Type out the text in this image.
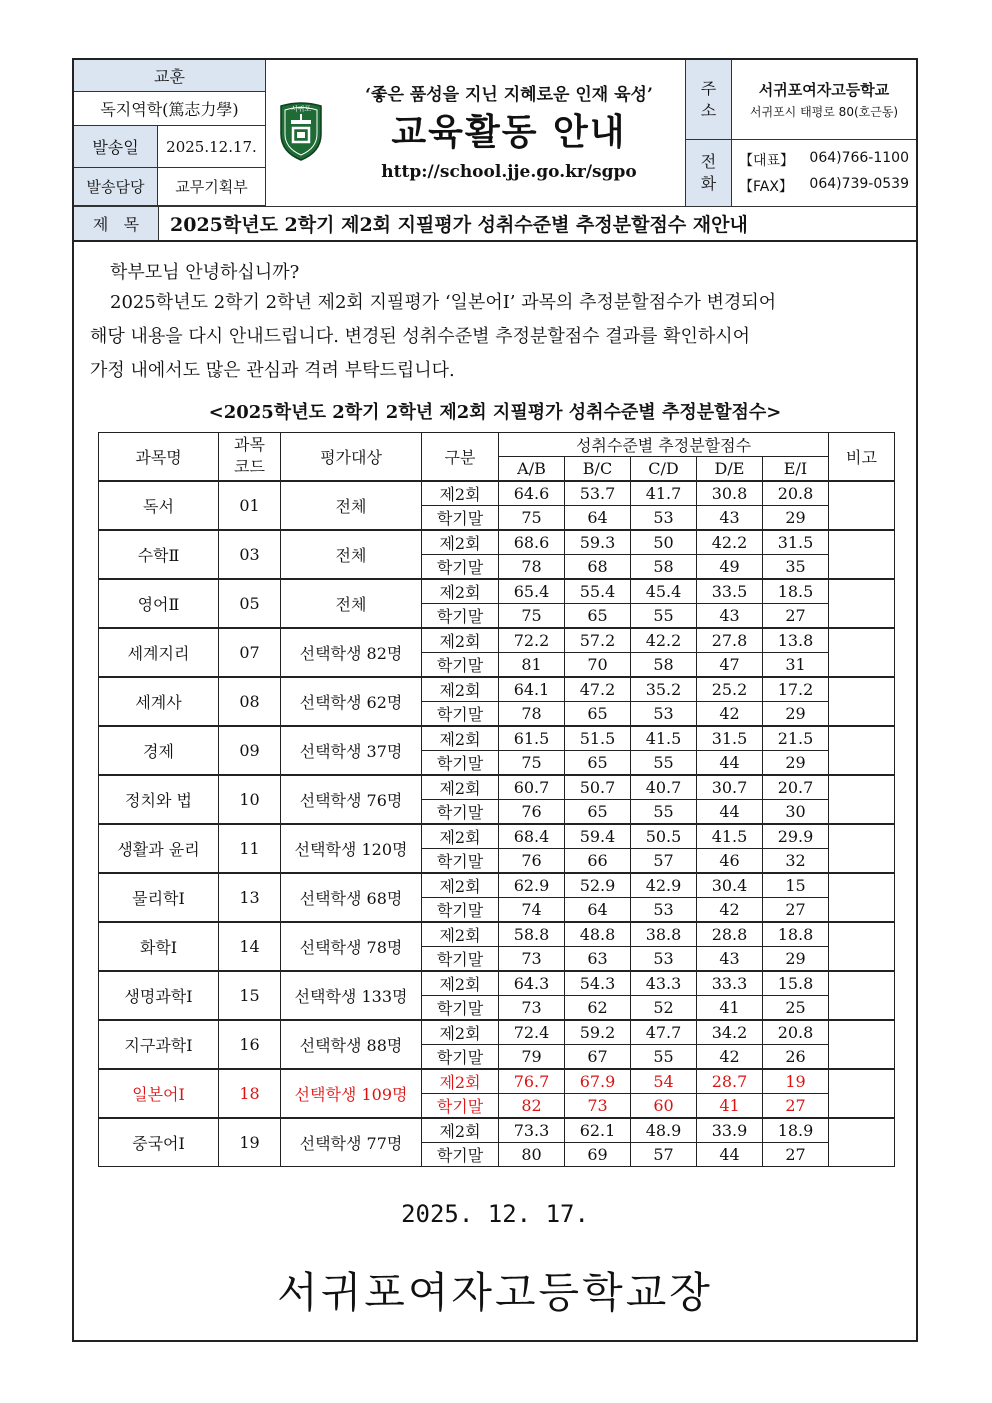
교훈
독지역학(篤志力學)
발송일	2025.12.17.
발송담당	교무기획부
서귀포
‘좋은 품성을 지닌 지혜로운 인재 육성’
교육활동 안내
http://school.jje.go.kr/sgpo
주
소
서귀포여자고등학교
서귀포시 태평로 80(호근동)
전
화
【대표】 064)766-1100
【FAX】 064)739-0539
제   목	2025학년도 2학기 제2회 지필평가 성취수준별 추정분할점수 재안내
학부모님 안녕하십니까?
2025학년도 2학기 2학년 제2회 지필평가 ‘일본어Ⅰ’ 과목의 추정분할점수가 변경되어
해당 내용을 다시 안내드립니다. 변경된 성취수준별 추정분할점수 결과를 확인하시어
가정 내에서도 많은 관심과 격려 부탁드립니다.
<2025학년도 2학기 2학년 제2회 지필평가 성취수준별 추정분할점수>
과목명	과목
코드	평가대상	구분	성취수준별 추정분할점수					비고
				A/B	B/C	C/D	D/E	E/I	
독서	01	전체	제2회	64.6	53.7	41.7	30.8	20.8	
			학기말	75	64	53	43	29	
수학Ⅱ	03	전체	제2회	68.6	59.3	50	42.2	31.5	
			학기말	78	68	58	49	35	
영어Ⅱ	05	전체	제2회	65.4	55.4	45.4	33.5	18.5	
			학기말	75	65	55	43	27	
세계지리	07	선택학생 82명	제2회	72.2	57.2	42.2	27.8	13.8	
			학기말	81	70	58	47	31	
세계사	08	선택학생 62명	제2회	64.1	47.2	35.2	25.2	17.2	
			학기말	78	65	53	42	29	
경제	09	선택학생 37명	제2회	61.5	51.5	41.5	31.5	21.5	
			학기말	75	65	55	44	29	
정치와 법	10	선택학생 76명	제2회	60.7	50.7	40.7	30.7	20.7	
			학기말	76	65	55	44	30	
생활과 윤리	11	선택학생 120명	제2회	68.4	59.4	50.5	41.5	29.9	
			학기말	76	66	57	46	32	
물리학Ⅰ	13	선택학생 68명	제2회	62.9	52.9	42.9	30.4	15	
			학기말	74	64	53	42	27	
화학Ⅰ	14	선택학생 78명	제2회	58.8	48.8	38.8	28.8	18.8	
			학기말	73	63	53	43	29	
생명과학Ⅰ	15	선택학생 133명	제2회	64.3	54.3	43.3	33.3	15.8	
			학기말	73	62	52	41	25	
지구과학Ⅰ	16	선택학생 88명	제2회	72.4	59.2	47.7	34.2	20.8	
			학기말	79	67	55	42	26	
일본어Ⅰ	18	선택학생 109명	제2회	76.7	67.9	54	28.7	19	
			학기말	82	73	60	41	27	
중국어Ⅰ	19	선택학생 77명	제2회	73.3	62.1	48.9	33.9	18.9	
			학기말	80	69	57	44	27	
2025. 12. 17.
서귀포여자고등학교장
